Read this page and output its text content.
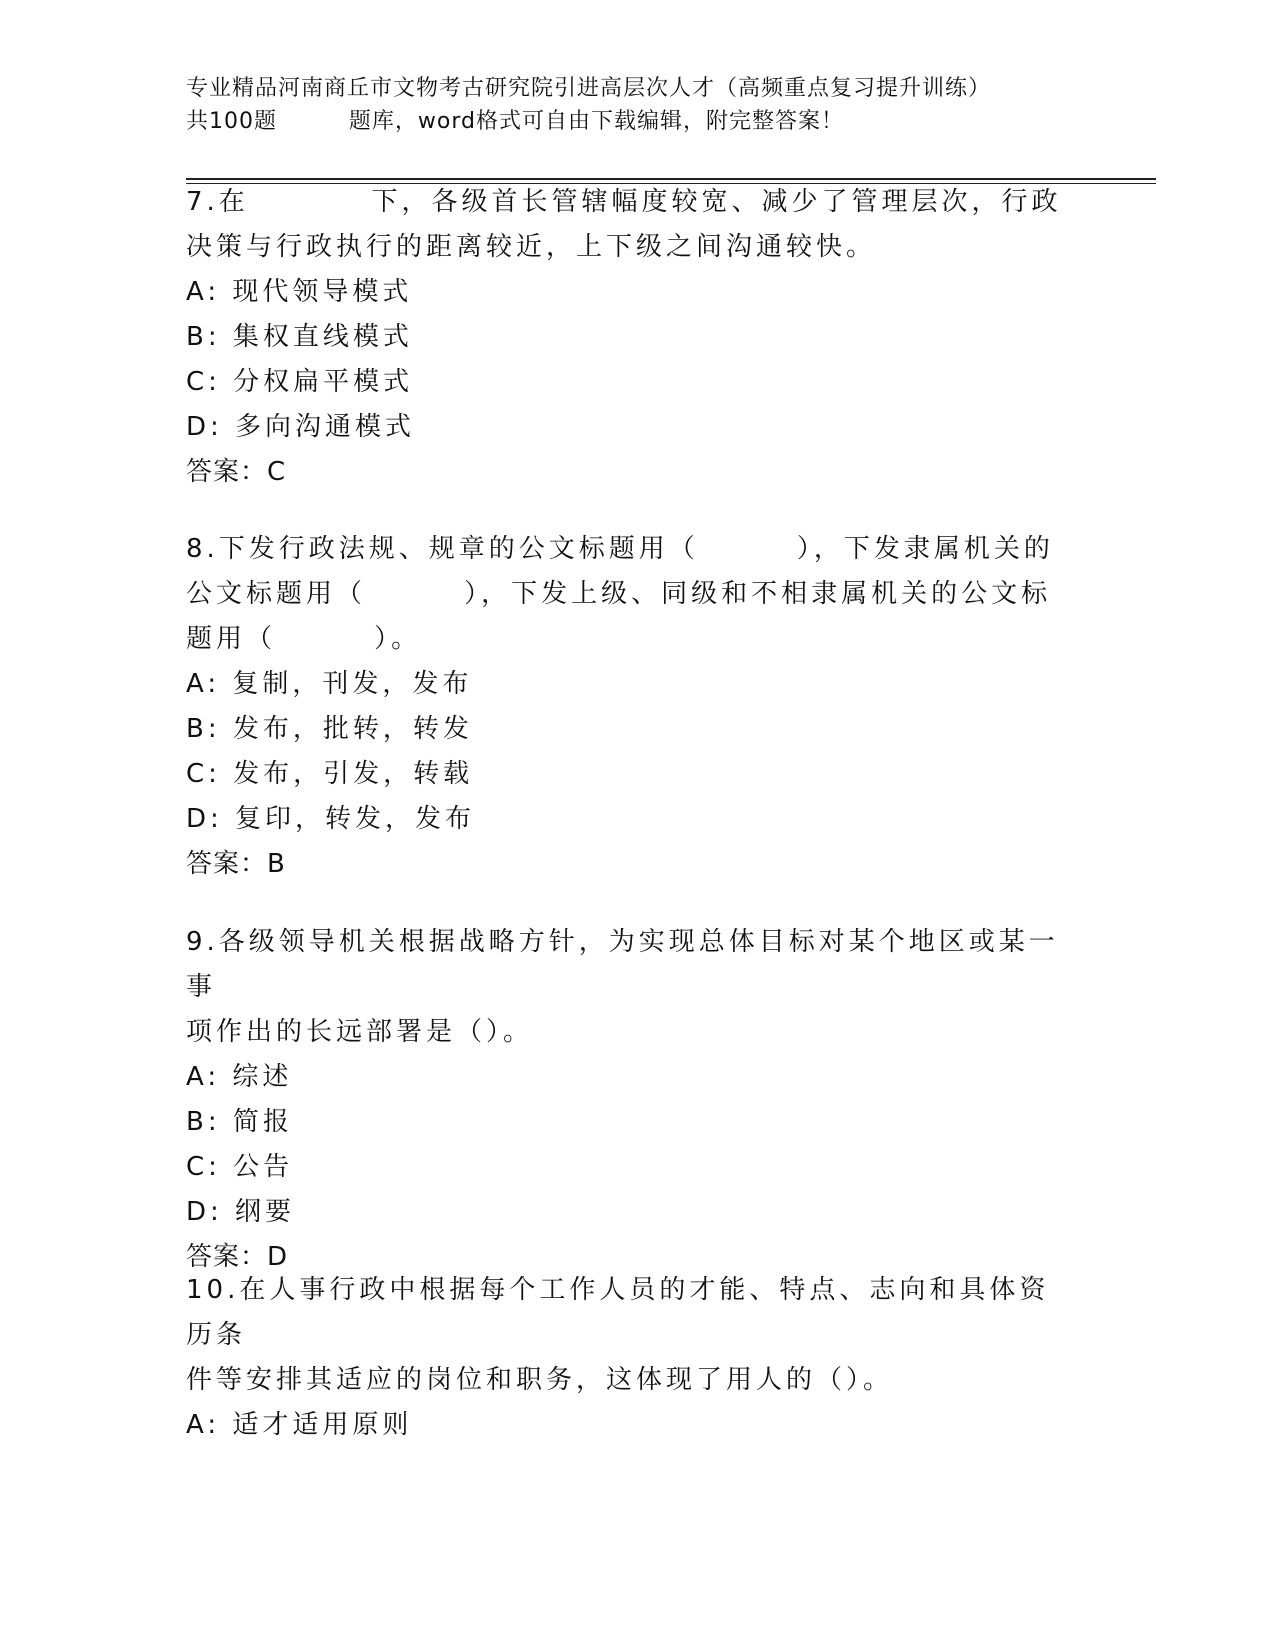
专业精品河南商丘市文物考古研究院引进高层次人才（高频重点复习提升训练）
共100题         题库，word格式可自由下载编辑，附完整答案！

7.在          下，各级首长管辖幅度较宽、减少了管理层次，行政

决策与行政执行的距离较近，上下级之间沟通较快。

A: 现代领导模式

B: 集权直线模式

C: 分权扁平模式

D: 多向沟通模式

答案：C

8.下发行政法规、规章的公文标题用（        ），下发隶属机关的

公文标题用（        ），下发上级、同级和不相隶属机关的公文标

题用（        ）。

A: 复制，刊发，发布

B: 发布，批转，转发

C: 发布，引发，转载

D: 复印，转发，发布

答案：B

9.各级领导机关根据战略方针，为实现总体目标对某个地区或某一事

项作出的长远部署是（）。

A: 综述

B: 简报

C: 公告

D: 纲要

答案：D

10.在人事行政中根据每个工作人员的才能、特点、志向和具体资历条

件等安排其适应的岗位和职务，这体现了用人的（）。

A: 适才适用原则
